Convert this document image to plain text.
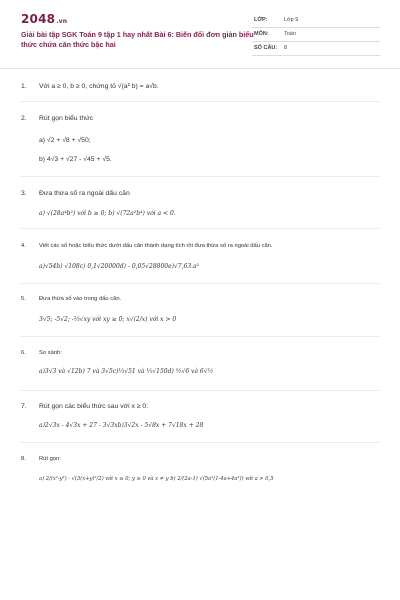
2048.vn
Giải bài tập SGK Toán 9 tập 1 hay nhất Bài 6: Biến đổi đơn giản biểu thức chứa căn thức bậc hai
LỚP:	Lớp 9
MÔN:	Toán
SỐ CÂU: 8
1. Với a ≥ 0, b ≥ 0, chứng tỏ √(a² b) = a√b.
2. Rút gọn biểu thức
a) √2 + √8 + √50;
b) 4√3 + √27 - √45 + √5.
3. Đưa thừa số ra ngoài dấu căn
a) √(28a⁴b²) với b ≥ 0; b) √(72a²b⁴) với a < 0.
4. Viết các số hoặc biểu thức dưới dấu căn thành dạng tích rồi đưa thừa số ra ngoài dấu căn.
a)√54b) √108c) 0,1√20000d) - 0,05√28800e)√7,63.a²
5. Đưa thừa số vào trong dấu căn.
3√5; -5√2; -⅔√xy với xy ≥ 0; x√(2/x) với x > 0
6. So sánh:
a)3√3 và √12b) 7 và 3√5c)⅓√51 và ⅕√150d) ½√6 và 6√½
7. Rút gọn các biểu thức sau với x ≥ 0:
a)2√3x - 4√3x + 27 - 3√3xb)3√2x - 5√8x + 7√18x + 28
8. Rút gọn:
a) 2/(x²-y²) · √(3(x+y)²/2) với x ≥ 0; y ≥ 0 và x ≠ y b) 2/(2a-1) √(5a²(1-4a+4a²)) với a > 0,5
